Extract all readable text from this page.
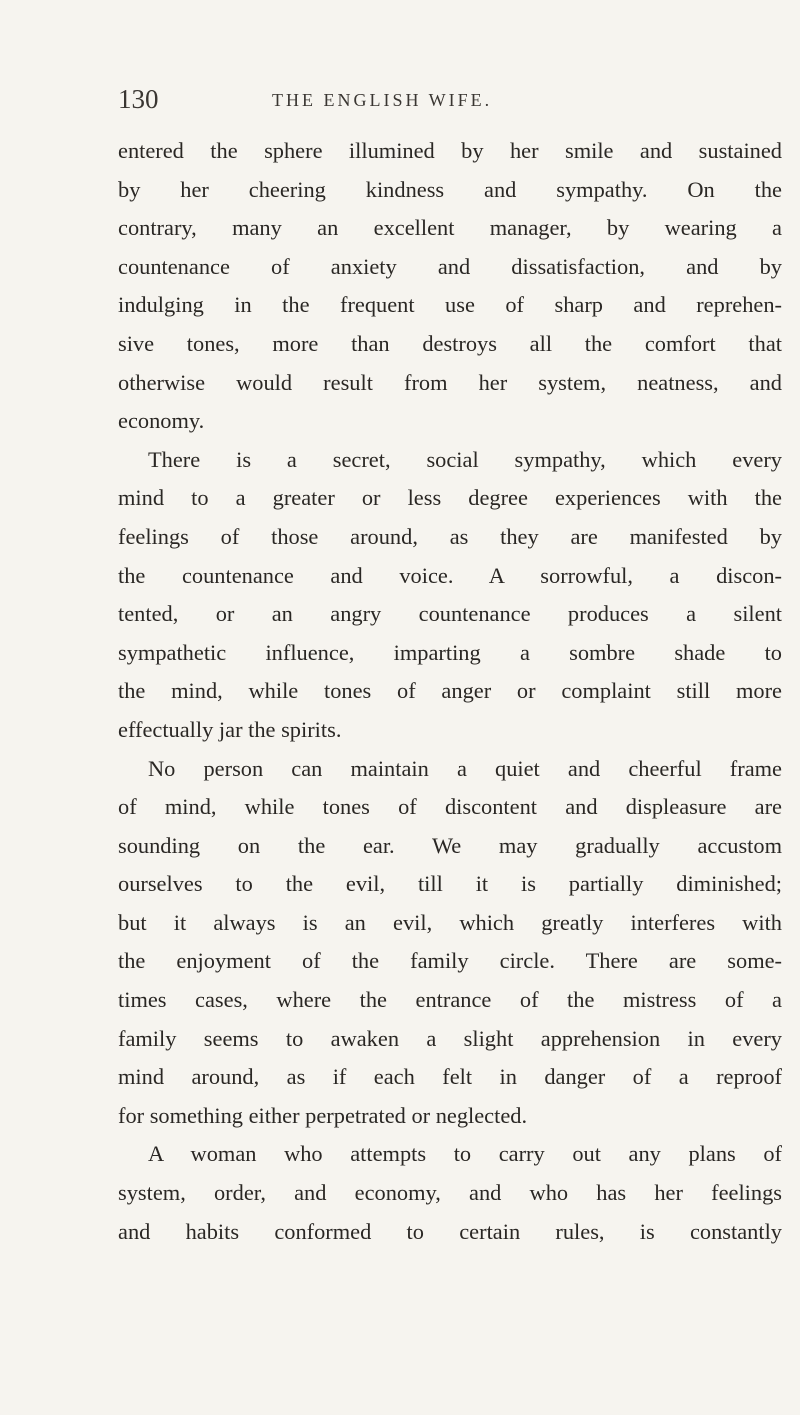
130	THE ENGLISH WIFE.
entered the sphere illumined by her smile and sustained
by her cheering kindness and sympathy. On the
contrary, many an excellent manager, by wearing a
countenance of anxiety and dissatisfaction, and by
indulging in the frequent use of sharp and reprehen-
sive tones, more than destroys all the comfort that
otherwise would result from her system, neatness, and
economy.
There is a secret, social sympathy, which every
mind to a greater or less degree experiences with the
feelings of those around, as they are manifested by
the countenance and voice. A sorrowful, a discon-
tented, or an angry countenance produces a silent
sympathetic influence, imparting a sombre shade to
the mind, while tones of anger or complaint still more
effectually jar the spirits.
No person can maintain a quiet and cheerful frame
of mind, while tones of discontent and displeasure are
sounding on the ear. We may gradually accustom
ourselves to the evil, till it is partially diminished;
but it always is an evil, which greatly interferes with
the enjoyment of the family circle. There are some-
times cases, where the entrance of the mistress of a
family seems to awaken a slight apprehension in every
mind around, as if each felt in danger of a reproof
for something either perpetrated or neglected.
A woman who attempts to carry out any plans of
system, order, and economy, and who has her feelings
and habits conformed to certain rules, is constantly
